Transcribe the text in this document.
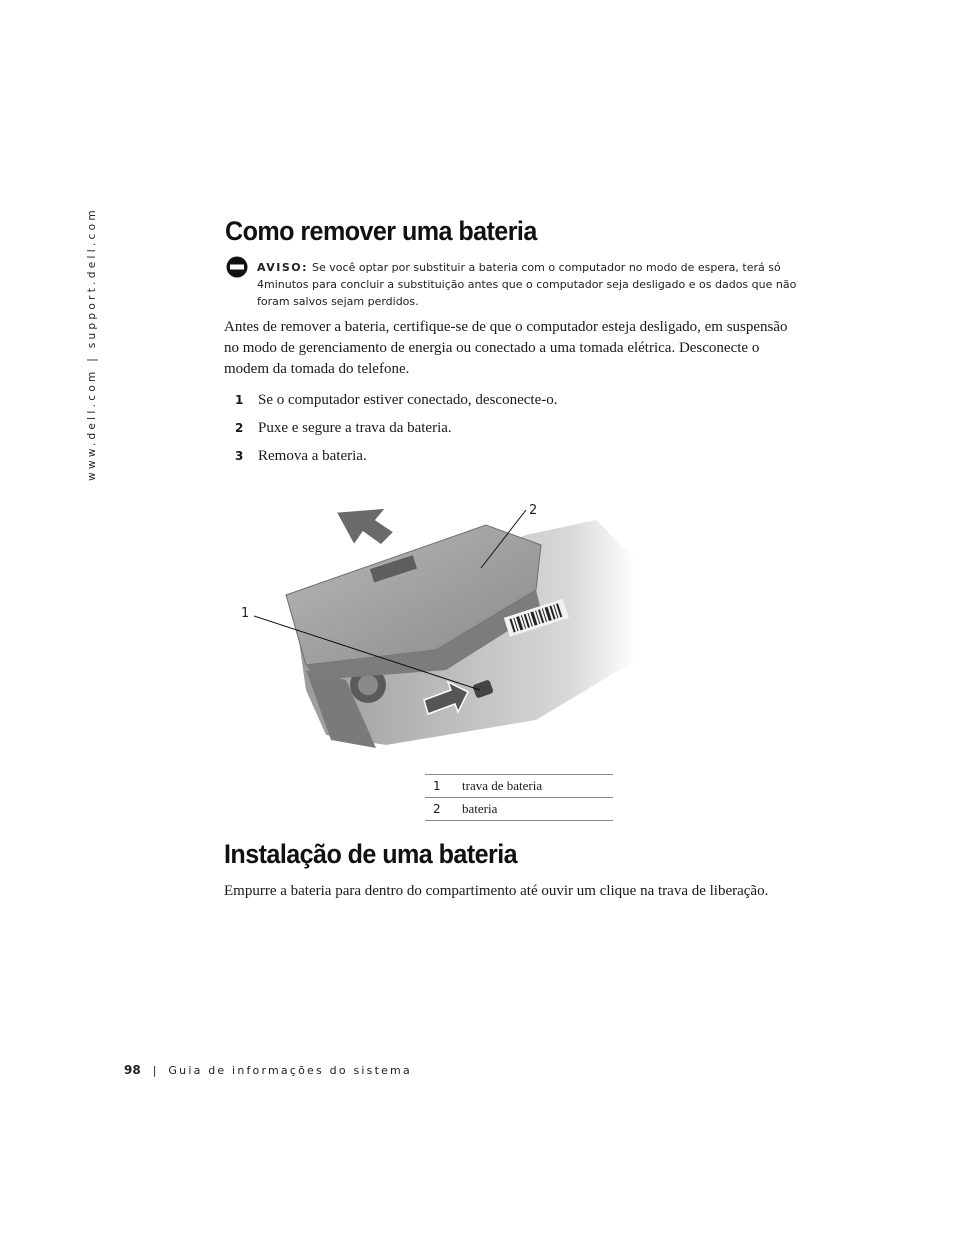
www.dell.com | support.dell.com	Como remover uma bateria
AVISO: Se você optar por substituir a bateria com o computador no modo de espera, terá só 4minutos para concluir a substituição antes que o computador seja desligado e os dados que não foram salvos sejam perdidos.
Antes de remover a bateria, certifique-se de que o computador esteja desligado, em suspensão no modo de gerenciamento de energia ou conectado a uma tomada elétrica. Desconecte o modem da tomada do telefone.
1 Se o computador estiver conectado, desconecte-o.
2 Puxe e segure a trava da bateria.
3 Remova a bateria.
1
2
1	trava de bateria
2	bateria
Instalação de uma bateria
Empurre a bateria para dentro do compartimento até ouvir um clique na trava de liberação.
98 | Guia de informações do sistema
